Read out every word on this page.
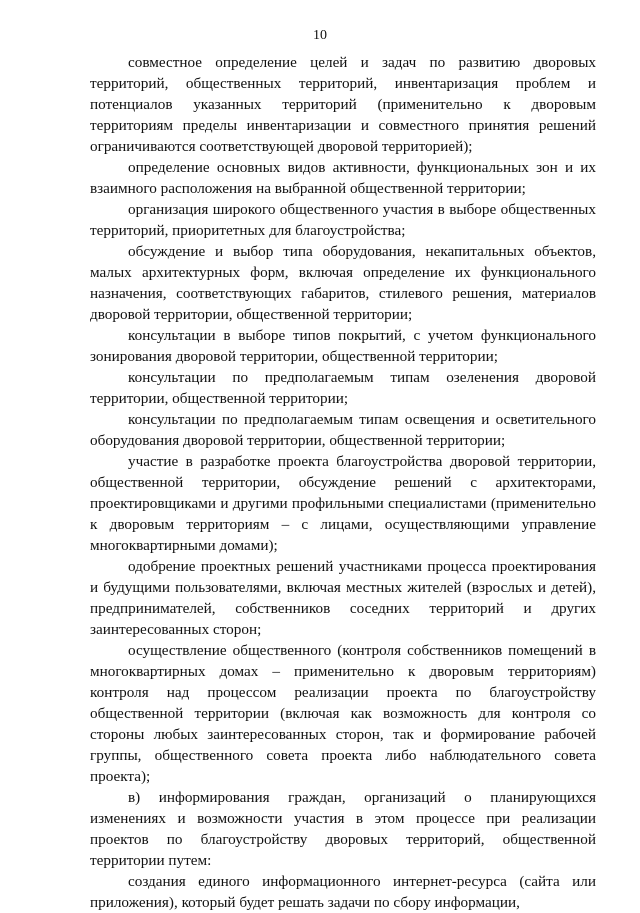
10

совместное определение целей и задач по развитию дворовых территорий, общественных территорий, инвентаризация проблем и потенциалов указанных территорий (применительно к дворовым территориям пределы инвентаризации и совместного принятия решений ограничиваются соответствующей дворовой территорией);

определение основных видов активности, функциональных зон и их взаимного расположения на выбранной общественной территории;

организация широкого общественного участия в выборе общественных территорий, приоритетных для благоустройства;

обсуждение и выбор типа оборудования, некапитальных объектов, малых архитектурных форм, включая определение их функционального назначения, соответствующих габаритов, стилевого решения, материалов дворовой территории, общественной территории;

консультации в выборе типов покрытий, с учетом функционального зонирования дворовой территории, общественной территории;

консультации по предполагаемым типам озеленения дворовой территории, общественной территории;

консультации по предполагаемым типам освещения и осветительного оборудования дворовой территории, общественной территории;

участие в разработке проекта благоустройства дворовой территории, общественной территории, обсуждение решений с архитекторами, проектировщиками и другими профильными специалистами (применительно к дворовым территориям – с лицами, осуществляющими управление многоквартирными домами);

одобрение проектных решений участниками процесса проектирования и будущими пользователями, включая местных жителей (взрослых и детей), предпринимателей, собственников соседних территорий и других заинтересованных сторон;

осуществление общественного (контроля собственников помещений в многоквартирных домах – применительно к дворовым территориям) контроля над процессом реализации проекта по благоустройству общественной территории (включая как возможность для контроля со стороны любых заинтересованных сторон, так и формирование рабочей группы, общественного совета проекта либо наблюдательного совета проекта);

в) информирования граждан, организаций о планирующихся изменениях и возможности участия в этом процессе при реализации проектов по благоустройству дворовых территорий, общественной территории путем:

создания единого информационного интернет-ресурса (сайта или приложения), который будет решать задачи по сбору информации,
